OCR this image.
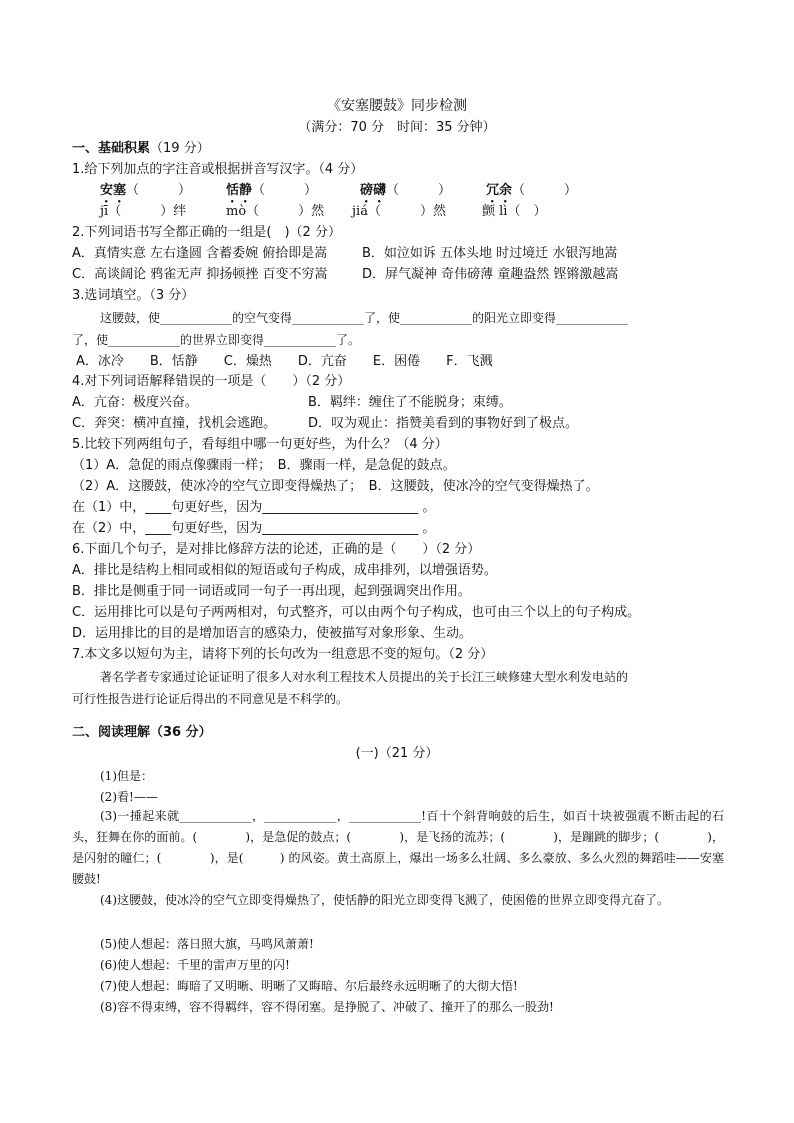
《安塞腰鼓》同步检测
（满分：70 分　时间：35 分钟）
一、基础积累（19 分）
1.给下列加点的字注音或根据拼音写汉字。（4 分）
安塞（　　　）	恬静（　　　）	磅礴（　　　）	冗余（　　　）
jī（　　　）绊	mò（　　　）然 jiá（　　　）然	颤 lì（　）
2.下列词语书写全都正确的一组是(　)（2 分）
A．真情实意 左右逢圆 含蓄委婉 俯拾即是嵩	B．如泣如诉 五体头地 时过境迁 水银泻地嵩
C．高谈阔论 鸦雀无声 抑扬顿挫 百变不穷嵩	D．屏气凝神 奇伟磅薄 童趣盎然 铿锵激越嵩
3.选词填空。（3 分）
这腰鼓，使____________的空气变得____________了，使____________的阳光立即变得____________
了，使____________的世界立即变得____________了。
A．冰冷　　B．恬静　　C．燥热　　D．亢奋　　E．困倦　　F．飞溅
4.对下列词语解释错误的一项是（　　）（2 分）
A．亢奋：极度兴奋。	B．羁绊：缠住了不能脱身；束缚。
C．奔突：横冲直撞，找机会逃跑。 D．叹为观止：指赞美看到的事物好到了极点。
5.比较下列两组句子，看每组中哪一句更好些，为什么？（4 分）
（1）A．急促的雨点像骤雨一样；　B．骤雨一样，是急促的鼓点。
（2）A．这腰鼓，使冰冷的空气立即变得燥热了；　B．这腰鼓，使冰冷的空气变得燥热了。
在（1）中，____句更好些，因为________________________ 。
在（2）中，____句更好些，因为________________________ 。
6.下面几个句子，是对排比修辞方法的论述，正确的是（　　）（2 分）
A．排比是结构上相同或相似的短语或句子构成，成串排列，以增强语势。
B．排比是侧重于同一词语或同一句子一再出现，起到强调突出作用。
C．运用排比可以是句子两两相对，句式整齐，可以由两个句子构成，也可由三个以上的句子构成。
D．运用排比的目的是增加语言的感染力，使被描写对象形象、生动。
7.本文多以短句为主，请将下列的长句改为一组意思不变的短句。（2 分）
著名学者专家通过论证证明了很多人对水利工程技术人员提出的关于长江三峡修建大型水利发电站的
可行性报告进行论证后得出的不同意见是不科学的。
二、阅读理解（36 分）
(一)（21 分）
(1)但是：
(2)看!——
(3)一捶起来就____________，____________，____________!百十个斜背响鼓的后生，如百十块被强震不断击起的石头，狂舞在你的面前。(　　　　)，是急促的鼓点；(　　　　)，是飞扬的流苏；(　　　　)，是蹦跳的脚步；(　　　　)，是闪射的瞳仁；(　　　　)，是(　　　) 的风姿。黄土高原上，爆出一场多么壮阔、多么豪放、多么火烈的舞蹈哇——安塞腰鼓!
(4)这腰鼓，使冰冷的空气立即变得燥热了，使恬静的阳光立即变得飞溅了，使困倦的世界立即变得亢奋了。
(5)使人想起：落日照大旗，马鸣风萧萧!
(6)使人想起：千里的雷声万里的闪!
(7)使人想起：晦暗了又明晰、明晰了又晦暗、尔后最终永远明晰了的大彻大悟!
(8)容不得束缚，容不得羁绊，容不得闭塞。是挣脱了、冲破了、撞开了的那么一股劲!
